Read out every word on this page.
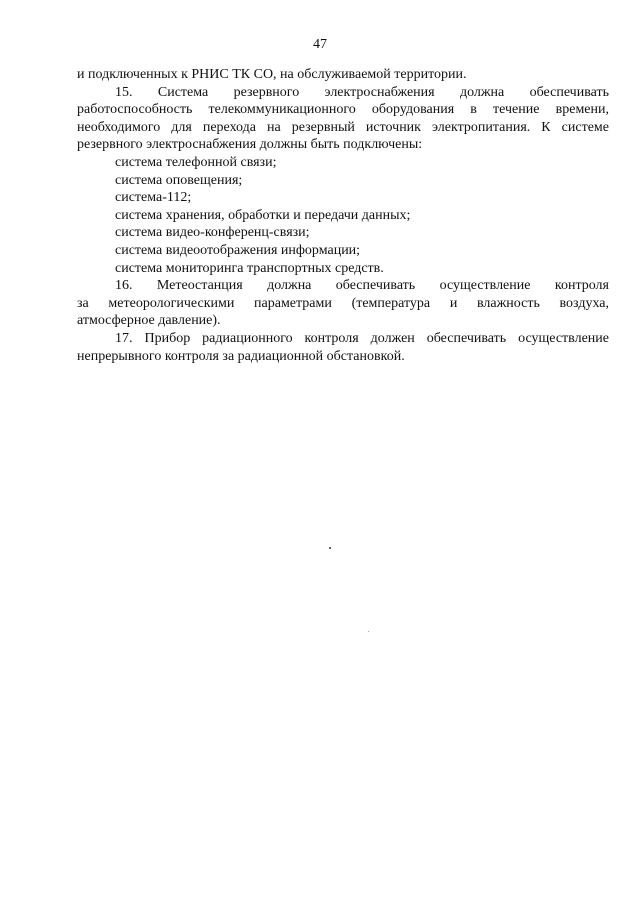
47

и подключенных к РНИС ТК СО, на обслуживаемой территории.

15. Система резервного электроснабжения должна обеспечивать

работоспособность телекоммуникационного оборудования в течение времени,

необходимого для перехода на резервный источник электропитания. К системе

резервного электроснабжения должны быть подключены:

система телефонной связи;

система оповещения;

система-112;

система хранения, обработки и передачи данных;

система видео-конференц-связи;

система видеоотображения информации;

система мониторинга транспортных средств.

16. Метеостанция должна обеспечивать осуществление контроля

за метеорологическими параметрами (температура и влажность воздуха,

атмосферное давление).

17. Прибор радиационного контроля должен обеспечивать осуществление

непрерывного контроля за радиационной обстановкой.
